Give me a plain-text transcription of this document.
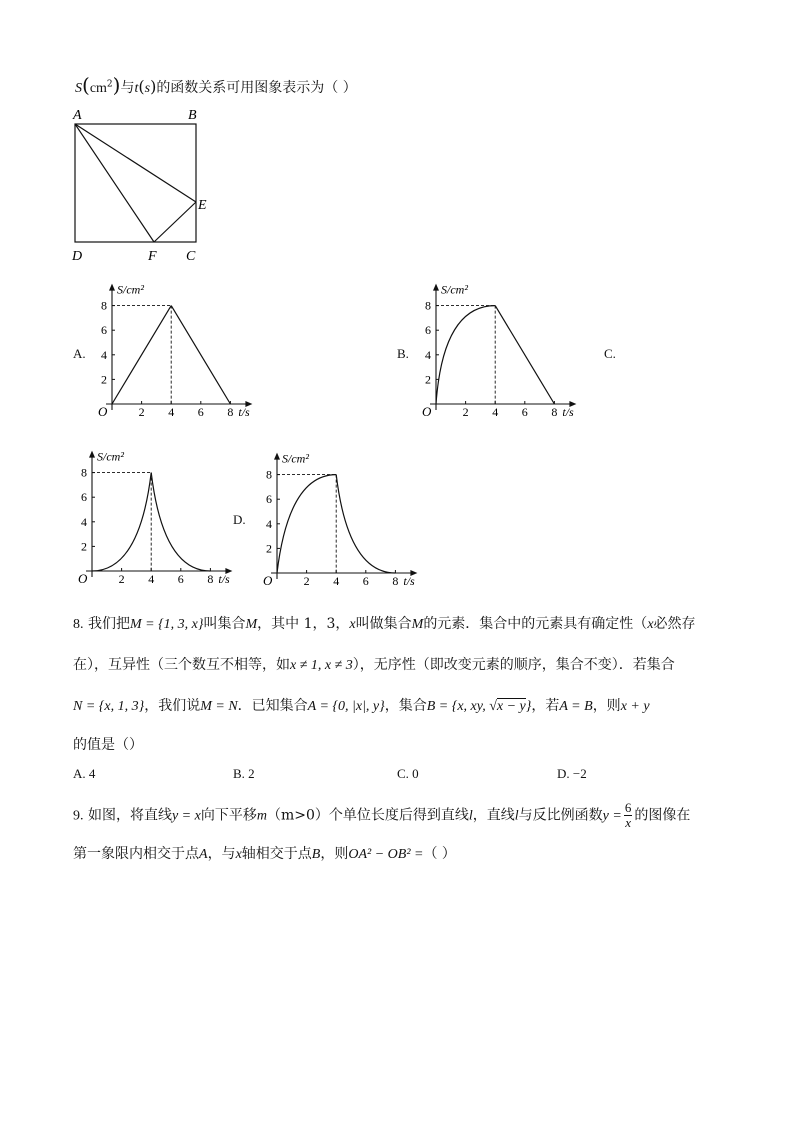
$S(cm^2)$与t(s)的函数关系可用图象表示为（ ）
A	B
D	F C
E
A.	B.	C.
D.
S/cm²
t/s
O
2
4
6
8
2 4 6 8
S/cm²
t/s
O
2
4
6
8
2 4 6 8
S/cm²
t/s
O
2
4
6
8
2 4 6 8
S/cm²
t/s
O
2
4
6
8
2 4 6 8
8. 我们把M = {1, 3, x}叫集合M，其中 1，3，x叫做集合M的元素．集合中的元素具有确定性（x必然存
在），互异性（三个数互不相等，如x ≠ 1, x ≠ 3），无序性（即改变元素的顺序，集合不变）．若集合
N = {x, 1, 3}，我们说M = N．已知集合A = {0, |x|, y}，集合B = {x, xy, √x − y}，若A = B，则x + y
的值是（）
A. 4	B. 2	C. 0	D. −2
9. 如图，将直线y = x向下平移m（m>0）个单位长度后得到直线l，直线l与反比例函数$y = \frac{6}{x}$ 的图像在
第一象限内相交于点A，与x轴相交于点B，则OA² − OB² =（ ）
